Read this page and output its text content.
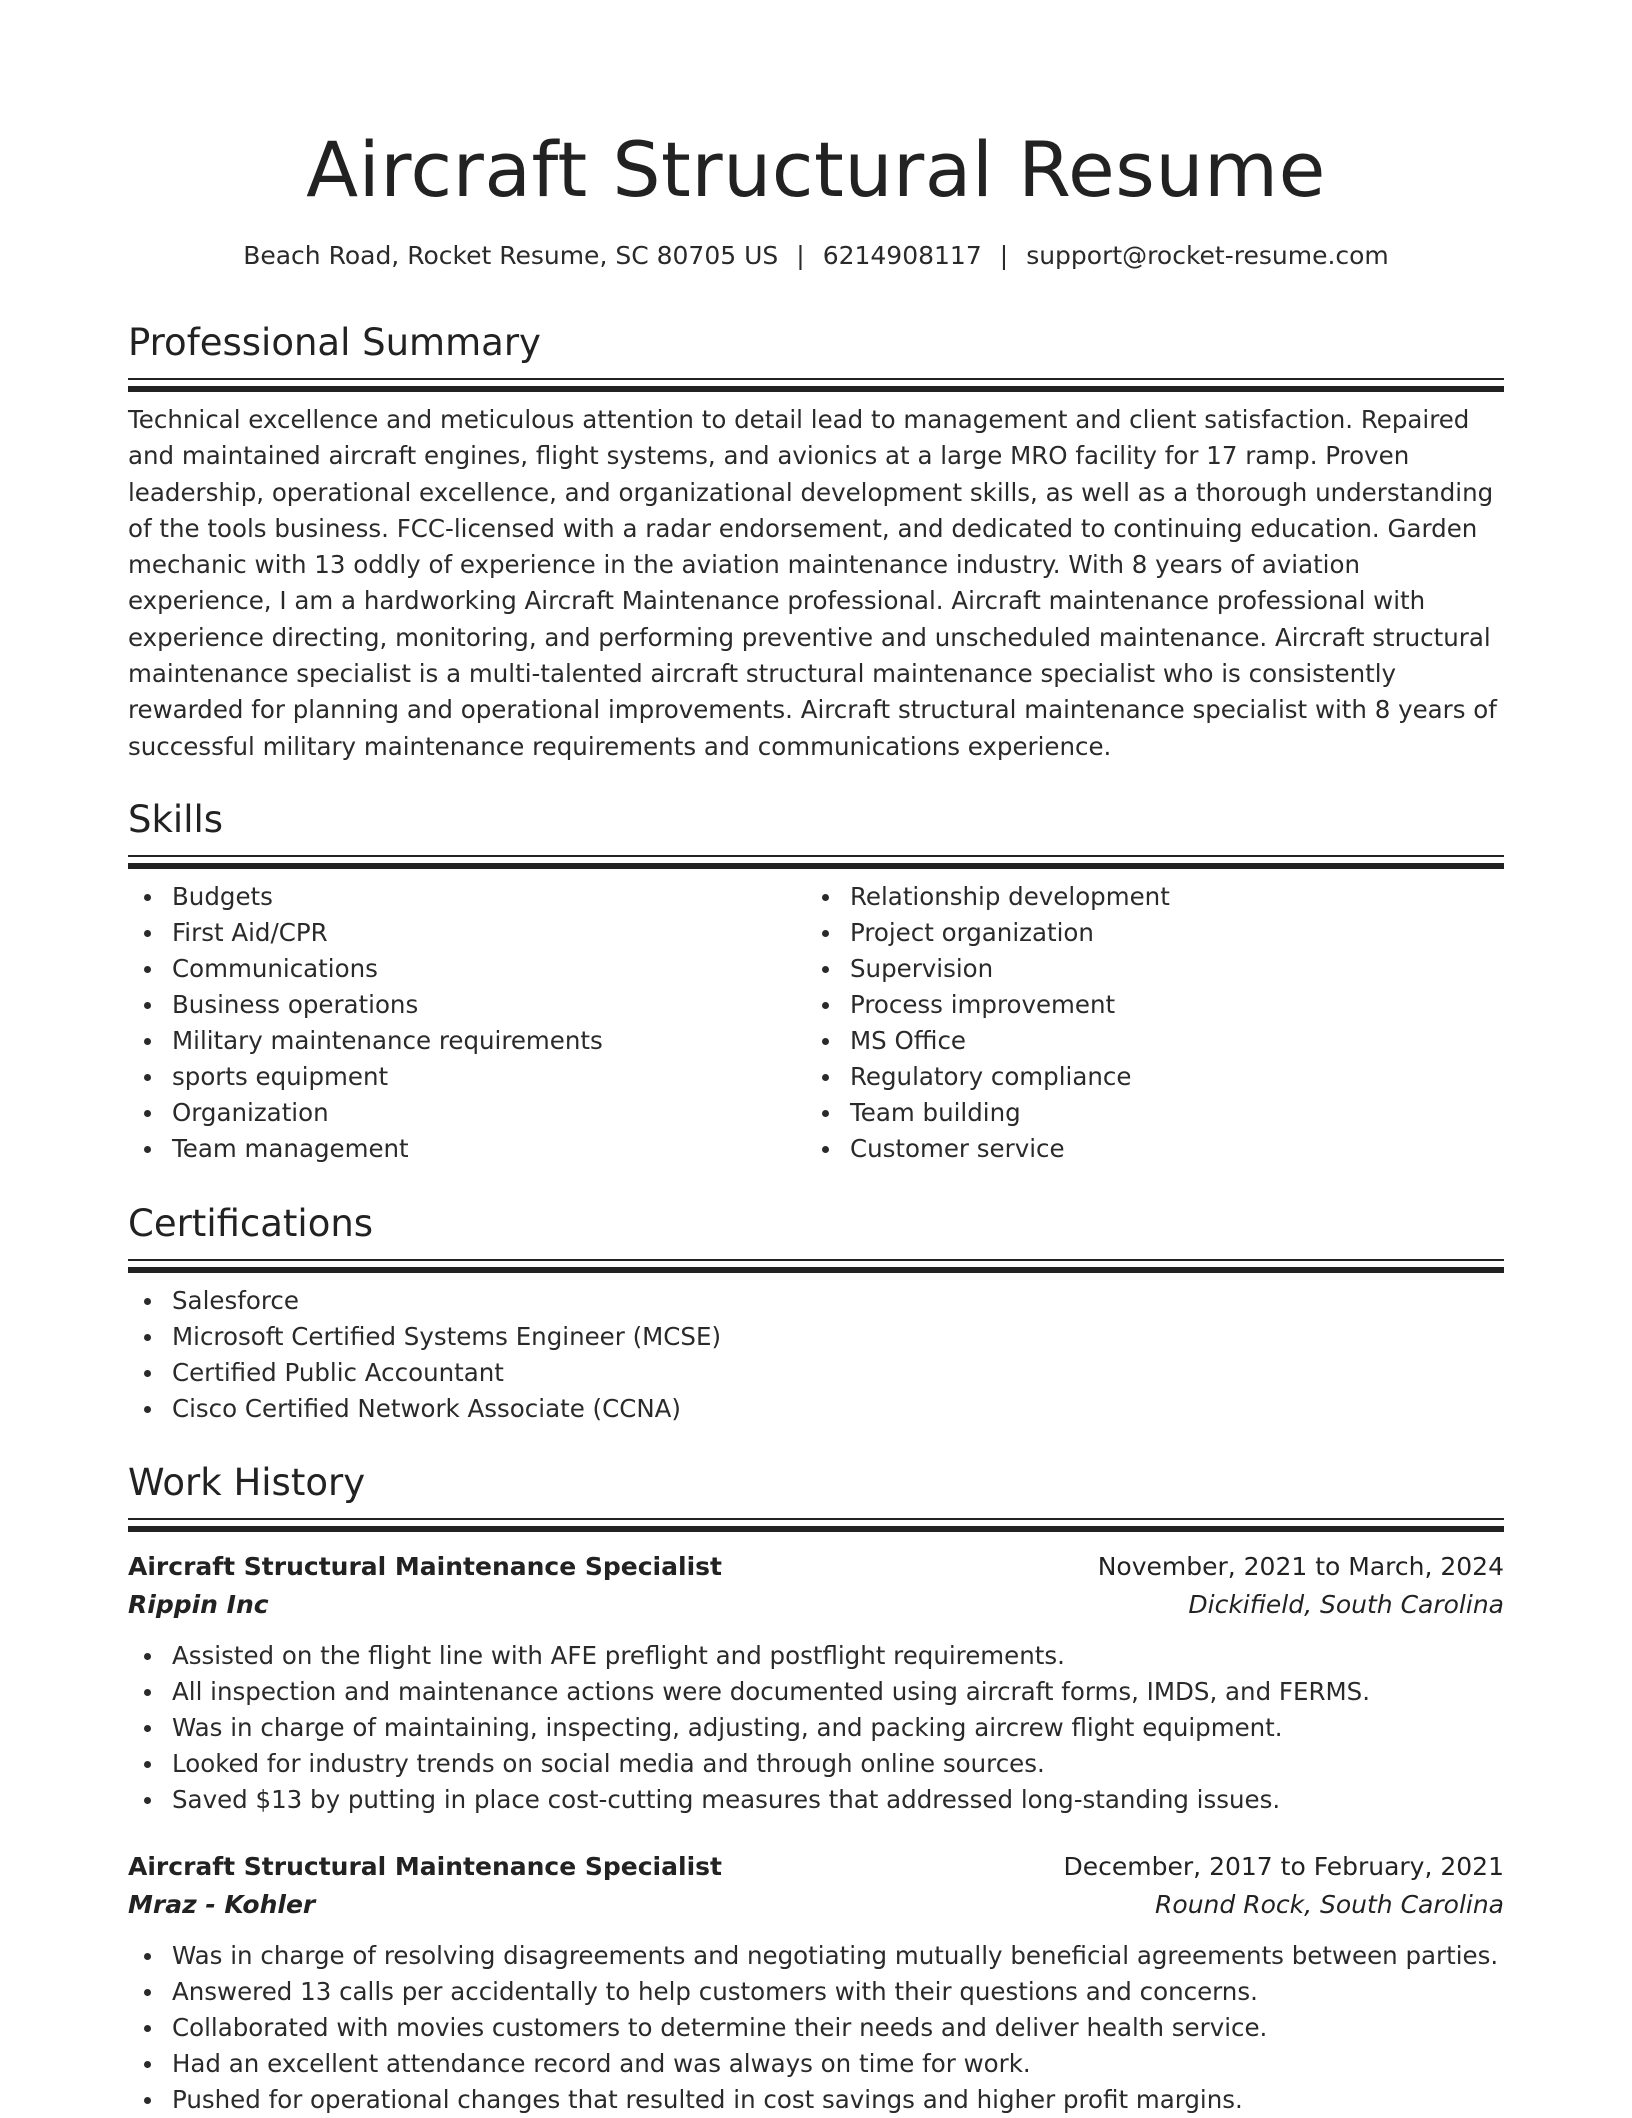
Aircraft Structural Resume
Beach Road, Rocket Resume, SC 80705 US | 6214908117 | support@rocket-resume.com
Professional Summary

Technical excellence and meticulous attention to detail lead to management and client satisfaction. Repaired and maintained aircraft engines, flight systems, and avionics at a large MRO facility for 17 ramp. Proven leadership, operational excellence, and organizational development skills, as well as a thorough understanding of the tools business. FCC-licensed with a radar endorsement, and dedicated to continuing education. Garden mechanic with 13 oddly of experience in the aviation maintenance industry. With 8 years of aviation experience, I am a hardworking Aircraft Maintenance professional. Aircraft maintenance professional with experience directing, monitoring, and performing preventive and unscheduled maintenance. Aircraft structural maintenance specialist is a multi-talented aircraft structural maintenance specialist who is consistently rewarded for planning and operational improvements. Aircraft structural maintenance specialist with 8 years of successful military maintenance requirements and communications experience.

Skills
Budgets
First Aid/CPR
Communications
Business operations
Military maintenance requirements
sports equipment
Organization
Team management
Relationship development
Project organization
Supervision
Process improvement
MS Office
Regulatory compliance
Team building
Customer service
Certifications
Salesforce
Microsoft Certified Systems Engineer (MCSE)
Certified Public Accountant
Cisco Certified Network Associate (CCNA)
Work History
Aircraft Structural Maintenance Specialist	November, 2021 to March, 2024
Rippin Inc	Dickifield, South Carolina
Assisted on the flight line with AFE preflight and postflight requirements.
All inspection and maintenance actions were documented using aircraft forms, IMDS, and FERMS.
Was in charge of maintaining, inspecting, adjusting, and packing aircrew flight equipment.
Looked for industry trends on social media and through online sources.
Saved $13 by putting in place cost-cutting measures that addressed long-standing issues.
Aircraft Structural Maintenance Specialist	December, 2017 to February, 2021
Mraz - Kohler	Round Rock, South Carolina
Was in charge of resolving disagreements and negotiating mutually beneficial agreements between parties.
Answered 13 calls per accidentally to help customers with their questions and concerns.
Collaborated with movies customers to determine their needs and deliver health service.
Had an excellent attendance record and was always on time for work.
Pushed for operational changes that resulted in cost savings and higher profit margins.
